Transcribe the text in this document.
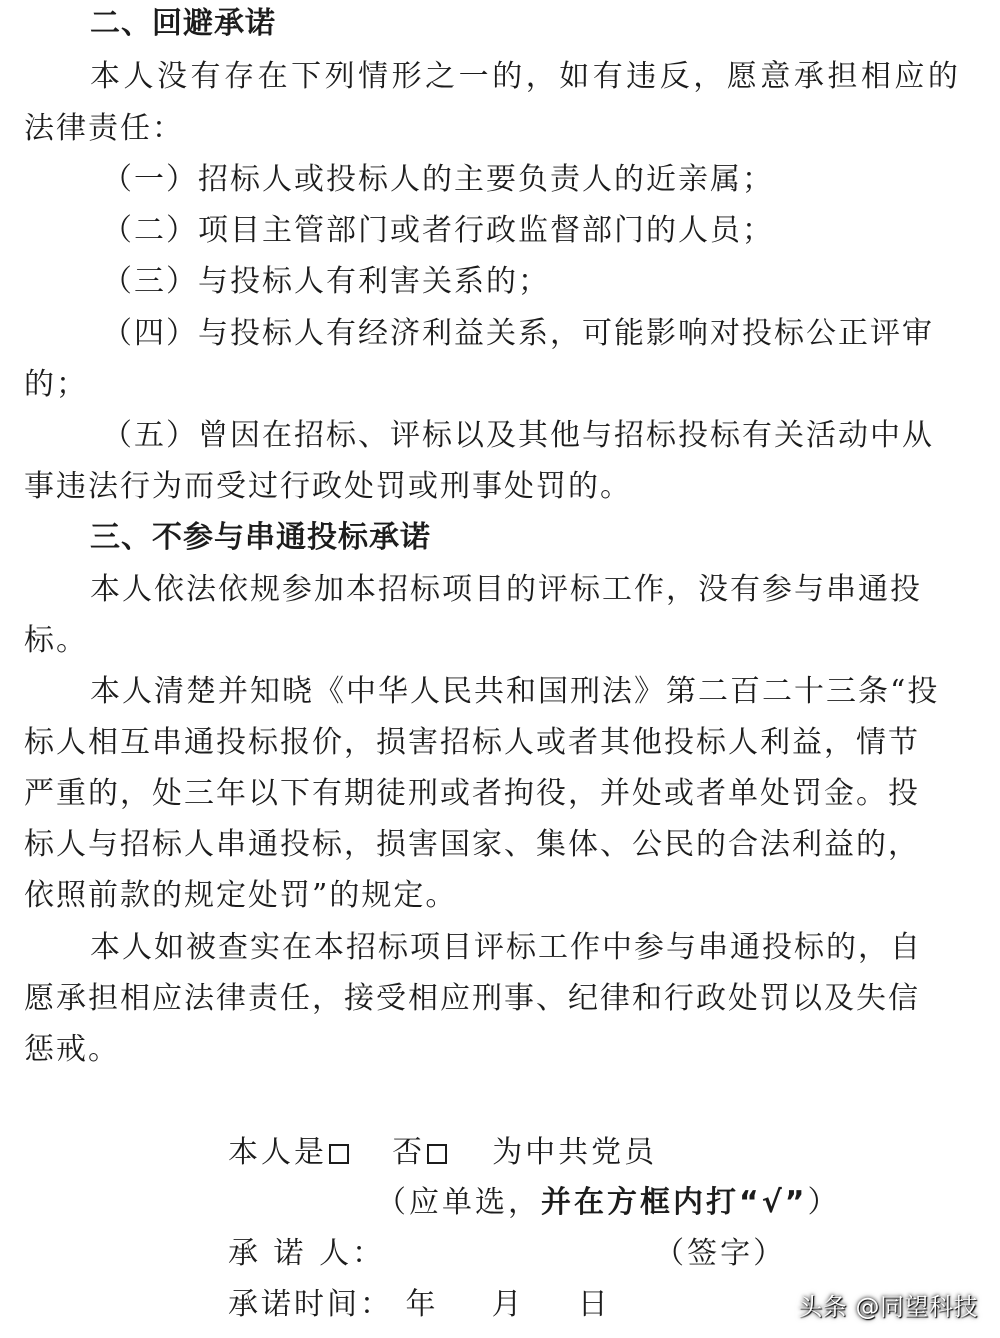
二、回避承诺
本 人 没 有 存 在 下 列 情 形 之 一 的 ， 如 有 违 反 ， 愿 意 承 担 相 应 的
法律责任：
（一）招标人或投标人的主要负责人的近亲属；
（二）项目主管部门或者行政监督部门的人员；
（三）与投标人有利害关系的；
（四）与投标人有经济利益关系，可能影响对投标公正评审
的；
（五）曾因在招标、评标以及其他与招标投标有关活动中从
事违法行为而受过行政处罚或刑事处罚的。
三、不参与串通投标承诺
本人依法依规参加本招标项目的评标工作，没有参与串通投
标。
本人清楚并知晓《中华人民共和国刑法》第二百二十三条“投
标人相互串通投标报价，损害招标人或者其他投标人利益，情节
严重的，处三年以下有期徒刑或者拘役，并处或者单处罚金。投
标人与招标人串通投标，损害国家、集体、公民的合法利益的，
依照前款的规定处罚”的规定。
本人如被查实在本招标项目评标工作中参与串通投标的，自
愿承担相应法律责任，接受相应刑事、纪律和行政处罚以及失信
惩戒。
本人是 否 为中共党员
（应单选，并在方框内打“√”）
承 诺 人：	（签字）
承诺时间： 年 月 日	头条 @同望科技
